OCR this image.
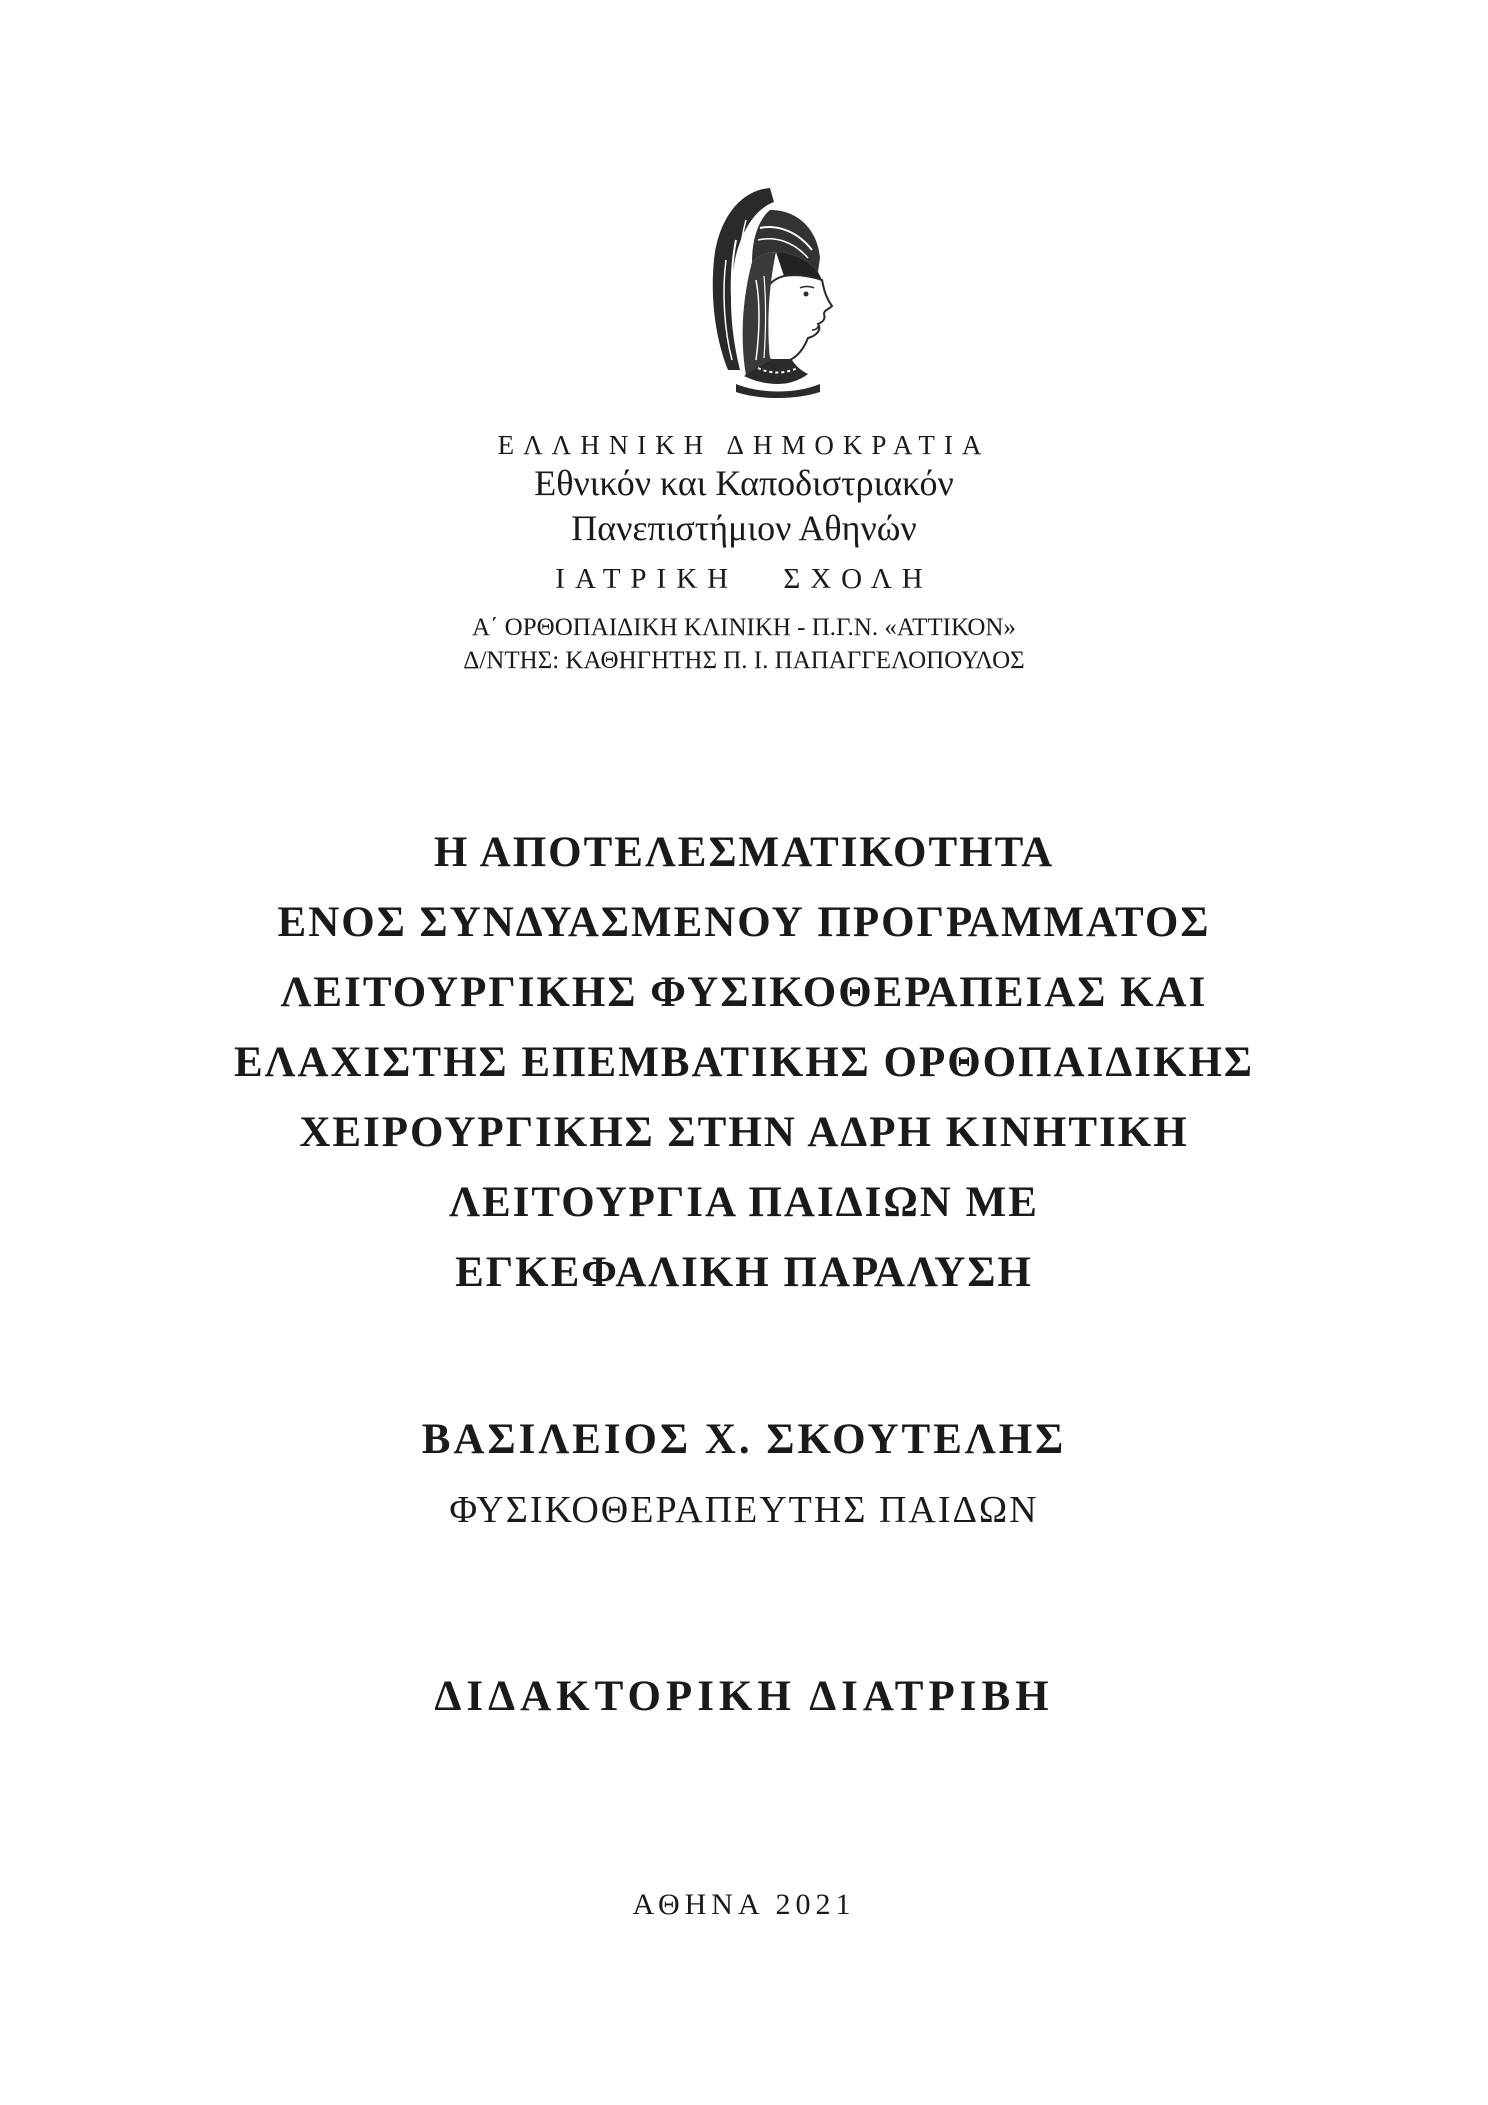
ΕΛΛΗΝΙΚΗ ΔΗΜΟΚΡΑΤΙΑ
Εθνικόν και Καποδιστριακόν
Πανεπιστήμιον Αθηνών
ΙΑΤΡΙΚΗ ΣΧΟΛΗ
Α΄ ΟΡΘΟΠΑΙΔΙΚΗ ΚΛΙΝΙΚΗ - Π.Γ.Ν. «ΑΤΤΙΚΟΝ»
Δ/ΝΤΗΣ: ΚΑΘΗΓΗΤΗΣ Π. Ι. ΠΑΠΑΓΓΕΛΟΠΟΥΛΟΣ
Η ΑΠΟΤΕΛΕΣΜΑΤΙΚΟΤΗΤΑ
ΕΝΟΣ ΣΥΝΔΥΑΣΜΕΝΟΥ ΠΡΟΓΡΑΜΜΑΤΟΣ
ΛΕΙΤΟΥΡΓΙΚΗΣ ΦΥΣΙΚΟΘΕΡΑΠΕΙΑΣ ΚΑΙ
ΕΛΑΧΙΣΤΗΣ ΕΠΕΜΒΑΤΙΚΗΣ ΟΡΘΟΠΑΙΔΙΚΗΣ
ΧΕΙΡΟΥΡΓΙΚΗΣ ΣΤΗΝ ΑΔΡΗ ΚΙΝΗΤΙΚΗ
ΛΕΙΤΟΥΡΓΙΑ ΠΑΙΔΙΩΝ ΜΕ
ΕΓΚΕΦΑΛΙΚΗ ΠΑΡΑΛΥΣΗ
ΒΑΣΙΛΕΙΟΣ Χ. ΣΚΟΥΤΕΛΗΣ
ΦΥΣΙΚΟΘΕΡΑΠΕΥΤΗΣ ΠΑΙΔΩΝ
ΔΙΔΑΚΤΟΡΙΚΗ ΔΙΑΤΡΙΒΗ
ΑΘΗΝΑ 2021
